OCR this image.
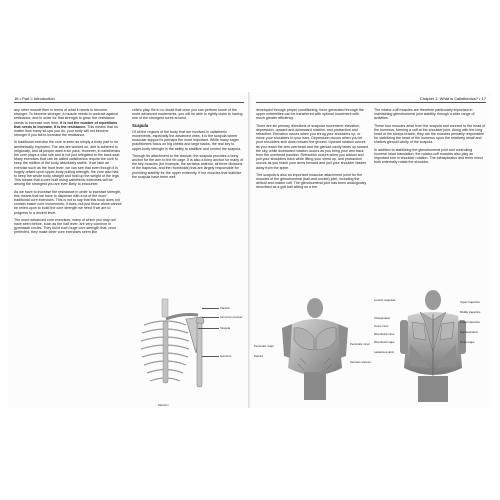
16 • Part I: Introduction

any other muscle fiber in terms of what it needs to become stronger. To become stronger, a muscle needs to contract against resistance, and in order for that strength to grow, the resistance needs to increase over time. It is not the number of repetitions that needs to increase, it is the resistance. This means that no matter how many sit-ups you do, your body will not become stronger if you fail to increase the resistance.

In traditional exercise the core is seen as simply a body part to be aesthetically improved. The abs are worked on, diet is adhered to religiously, and all people want a six pack. However, in calisthenics the core plays a vital role and is not just relegated to the back seat. Many exercises that can be called calisthenics require the core to keep the midline of the body absolutely stable. If we take an exercise such as the front lever, we can see that even though it is hugely reliant upon upper-body pulling strength, the core also has to keep the whole body straight and hold up the weight of the legs. This means that a core built using calisthenic exercises will be among the strongest you are ever likely to encounter.

As we have to increase the resistance in order to increase strength, this means that we have to dispense with a lot of the more traditional core exercises. This is not to say that this book does not contain easier core movements; it does, but just those alone cannot be relied upon to build the core strength we need if we are to progress to a decent level.

The more advanced core exercises, many of which you may not have seen before, such as the half lever, are very common in gymnastic circles. They build such huge core strength that, once perfected, they make other core exercises seem like

child's play. Be in no doubt that once you can perform some of the more advanced movements, you will be able to rightly claim to having one of the strongest cores around.

Scapula

Of all the regions of the body that are involved in calisthenic movements, especially the advanced ones, it is the scapula where muscular support is perhaps the most important. While many eager practitioners focus on big chests and large backs, the real key to upper-body strength is the ability to stabilize and control the scapula.

Through its attachment to the clavicle, the scapula provides a bony anchor for the arm to the rib cage. It is also a bony anchor for many of the key muscles (for example, the serratus anterior, all three divisions of the trapezius, and the rhomboids) that are largely responsible for providing stability for the upper extremity. If the muscles that stabilize the scapula have been well

Clavicle
Acromion process
Scapula
Humerus
Sternum
Chapter 1: What is Calisthenics? • 17

developed through proper conditioning, force generated through the upper extremities can be transferred with optimal movement with much greater efficiency.

There are six primary directions of scapular movement: elevation, depression, upward and downward rotation, and protraction and retraction. Elevation occurs when you shrug your shoulders up, or move your shoulders to your ears. Depression occurs when you let your shoulders sink down toward the ground. Upward rotation occurs as you reach the arm overhead and the glenoid cavity faces up toward the sky, while downward rotation occurs as you bring your arm back from the overhead position. Retraction occurs when you adduct and pull your shoulders back while lifting your chest up, and protraction occurs as you reach your arms forward and pull your shoulder blades away from the spine.

The scapula is also an important muscular attachment point for the muscles of the glenohumeral (ball-and-socket) joint, including the deltoid and rotator cuff. The glenohumeral joint has been analogously described as a golf ball sitting on a tee.

The rotator-cuff muscles are therefore particularly important in maintaining glenohumeral joint stability through a wide range of activities.

These four muscles arise from the scapula and connect to the head of the humerus, forming a cuff at the shoulder joint. Along with the long head of the biceps brachii, they are the muscles primarily responsible for stabilizing the head of the humerus upon the relatively small and shallow glenoid cavity of the scapula.

In addition to stabilizing the glenohumeral joint and controlling humeral head translation, the rotator-cuff muscles also play an important role in shoulder rotation. The infraspinatus and teres minor both externally rotate the shoulder,

Pectoralis major
Deltoid
Pectoralis minor
Serratus anterior
Levator scapulae
Infraspinatus
Teres minor
Rhomboid minor
Rhomboid major
Latissimus dorsi
Upper trapezius
Middle trapezius
Lower trapezius
Supraspinatus
Teres major
